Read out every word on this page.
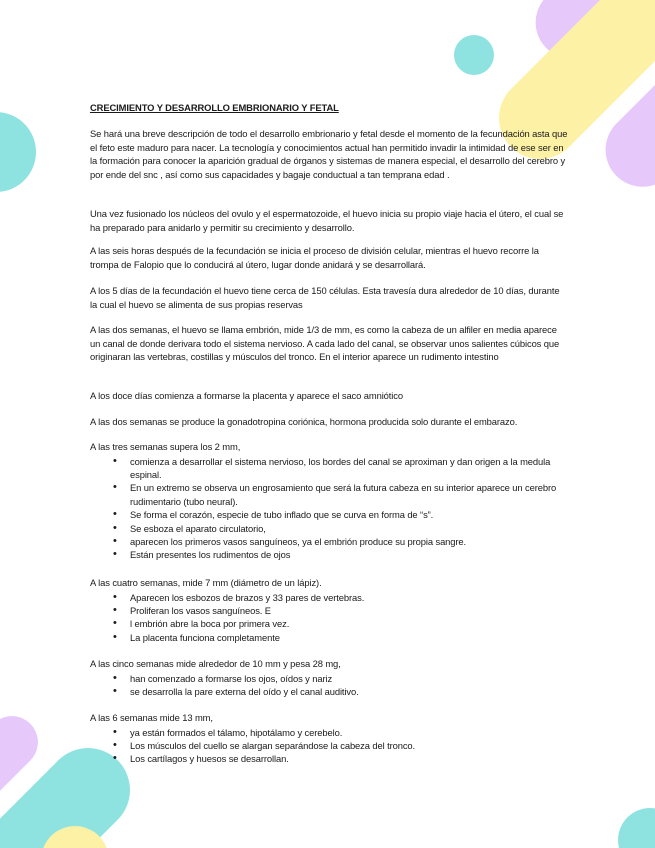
CRECIMIENTO Y DESARROLLO EMBRIONARIO Y FETAL
Se hará una breve descripción de todo el desarrollo embrionario y fetal desde el momento de la fecundación asta que el feto este maduro para nacer. La tecnología y conocimientos actual han permitido invadir la intimidad de ese ser en la formación para conocer la aparición gradual de órganos y sistemas de manera especial, el desarrollo del cerebro y por ende del snc , así como sus capacidades y bagaje conductual a tan temprana edad .
Una vez fusionado los núcleos del ovulo y el espermatozoide, el huevo inicia su propio viaje hacia el útero, el cual se ha preparado para anidarlo y permitir su crecimiento y desarrollo.
A las seis horas después de la fecundación se inicia el proceso de división celular, mientras el huevo recorre la trompa de Falopio que lo conducirá al útero, lugar donde anidará y se desarrollará.
A los 5 días de la fecundación el huevo tiene cerca de 150 células. Esta travesía dura alrededor de 10 días, durante la cual el huevo se alimenta de sus propias reservas
A las dos semanas, el huevo se llama embrión, mide 1/3 de mm, es como la cabeza de un alfiler en media aparece un canal de donde derivara todo el sistema nervioso. A cada lado del canal, se observar unos salientes cúbicos que originaran las vertebras, costillas y músculos del tronco. En el interior aparece un rudimento intestino
A los doce días comienza a formarse la placenta y aparece el saco amniótico
A las dos semanas se produce la gonadotropina coriónica, hormona producida solo durante el embarazo.
A las tres semanas supera los 2 mm,
• comienza a desarrollar el sistema nervioso, los bordes del canal se aproximan y dan origen a la medula espinal.
• En un extremo se observa un engrosamiento que será la futura cabeza en su interior aparece un cerebro rudimentario (tubo neural).
• Se forma el corazón, especie de tubo inflado que se curva en forma de “s”.
• Se esboza el aparato circulatorio,
• aparecen los primeros vasos sanguíneos, ya el embrión produce su propia sangre.
• Están presentes los rudimentos de ojos
A las cuatro semanas, mide 7 mm (diámetro de un lápiz).
• Aparecen los esbozos de brazos y 33 pares de vertebras.
• Proliferan los vasos sanguíneos. E
• l embrión abre la boca por primera vez.
• La placenta funciona completamente
A las cinco semanas mide alrededor de 10 mm y pesa 28 mg,
• han comenzado a formarse los ojos, oídos y nariz
• se desarrolla la pare externa del oído y el canal auditivo.
A las 6 semanas mide 13 mm,
• ya están formados el tálamo, hipotálamo y cerebelo.
• Los músculos del cuello se alargan separándose la cabeza del tronco.
• Los cartílagos y huesos se desarrollan.
